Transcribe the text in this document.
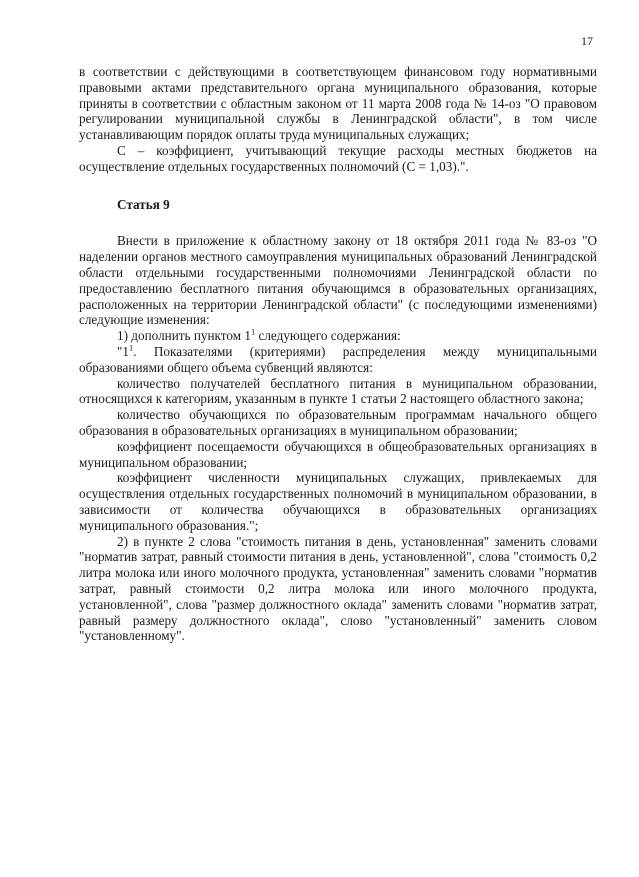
17

в соответствии с действующими в соответствующем финансовом году нормативными правовыми актами представительного органа муниципального образования, которые приняты в соответствии с областным законом от 11 марта 2008 года № 14-оз "О правовом регулировании муниципальной службы в Ленинградской области", в том числе устанавливающим порядок оплаты труда муниципальных служащих;

С – коэффициент, учитывающий текущие расходы местных бюджетов на осуществление отдельных государственных полномочий (С = 1,03).".

Статья 9

Внести в приложение к областному закону от 18 октября 2011 года № 83-оз "О наделении органов местного самоуправления муниципальных образований Ленинградской области отдельными государственными полномочиями Ленинградской области по предоставлению бесплатного питания обучающимся в образовательных организациях, расположенных на территории Ленинградской области" (с последующими изменениями) следующие изменения:

1) дополнить пунктом $1^1$ следующего содержания:

"$1^1$. Показателями (критериями) распределения между муниципальными образованиями общего объема субвенций являются:

количество получателей бесплатного питания в муниципальном образовании, относящихся к категориям, указанным в пункте 1 статьи 2 настоящего областного закона;

количество обучающихся по образовательным программам начального общего образования в образовательных организациях в муниципальном образовании;

коэффициент посещаемости обучающихся в общеобразовательных организациях в муниципальном образовании;

коэффициент численности муниципальных служащих, привлекаемых для осуществления отдельных государственных полномочий в муниципальном образовании, в зависимости от количества обучающихся в образовательных организациях муниципального образования.";

2) в пункте 2 слова "стоимость питания в день, установленная" заменить словами "норматив затрат, равный стоимости питания в день, установленной", слова "стоимость 0,2 литра молока или иного молочного продукта, установленная" заменить словами "норматив затрат, равный стоимости 0,2 литра молока или иного молочного продукта, установленной", слова "размер должностного оклада" заменить словами "норматив затрат, равный размеру должностного оклада", слово "установленный" заменить словом "установленному".
